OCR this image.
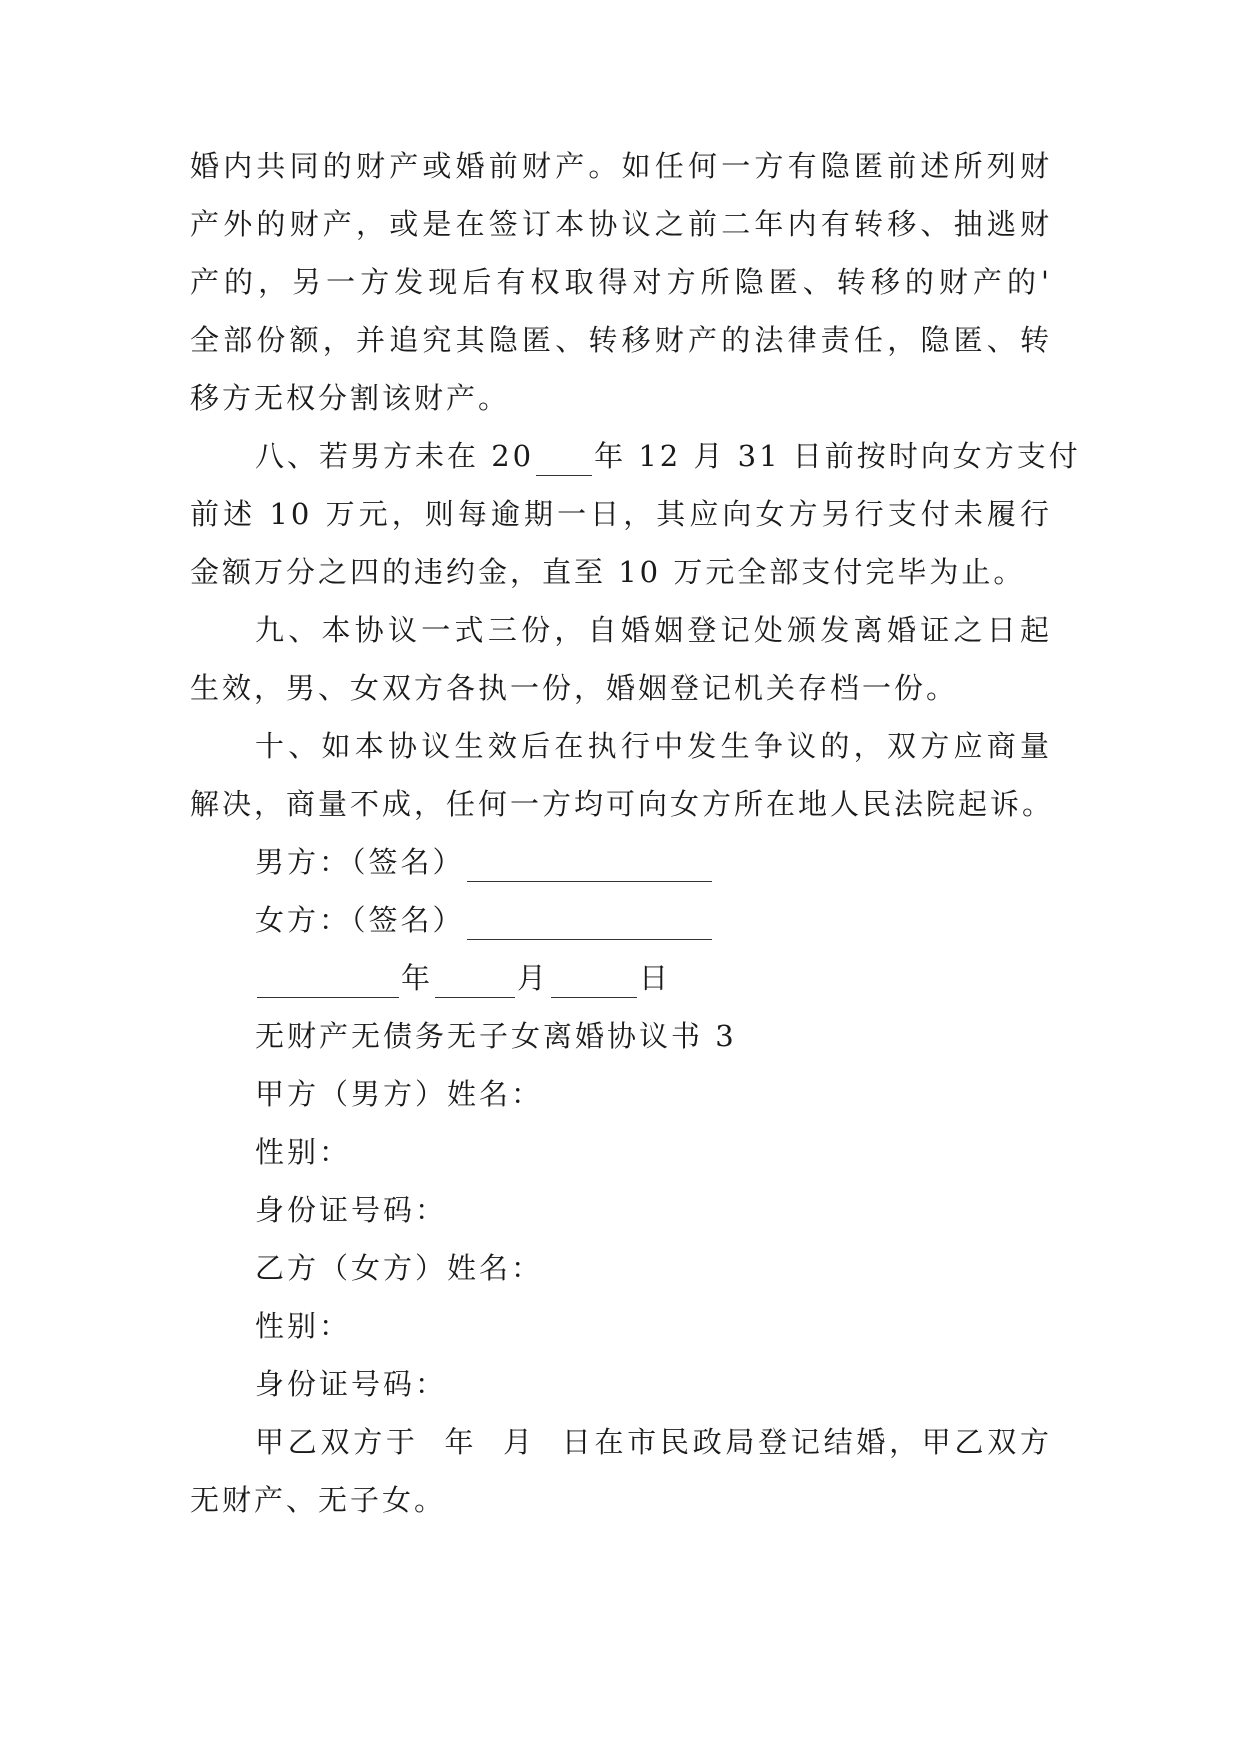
婚内共同的财产或婚前财产。如任何一方有隐匿前述所列财
产外的财产，或是在签订本协议之前二年内有转移、抽逃财
产的，另一方发现后有权取得对方所隐匿、转移的财产的'
全部份额，并追究其隐匿、转移财产的法律责任，隐匿、转
移方无权分割该财产。
八、若男方未在 20 年 12 月 31 日前按时向女方支付
前述 10 万元，则每逾期一日，其应向女方另行支付未履行
金额万分之四的违约金，直至 10 万元全部支付完毕为止。
九、本协议一式三份，自婚姻登记处颁发离婚证之日起
生效，男、女双方各执一份，婚姻登记机关存档一份。
十、如本协议生效后在执行中发生争议的，双方应商量
解决，商量不成，任何一方均可向女方所在地人民法院起诉。
男方：（签名）
女方：（签名）
年	月	日
无财产无债务无子女离婚协议书 3
甲方（男方）姓名：
性别：
身份证号码：
乙方（女方）姓名：
性别：
身份证号码：
甲乙双方于  年  月  日在市民政局登记结婚，甲乙双方
无财产、无子女。
